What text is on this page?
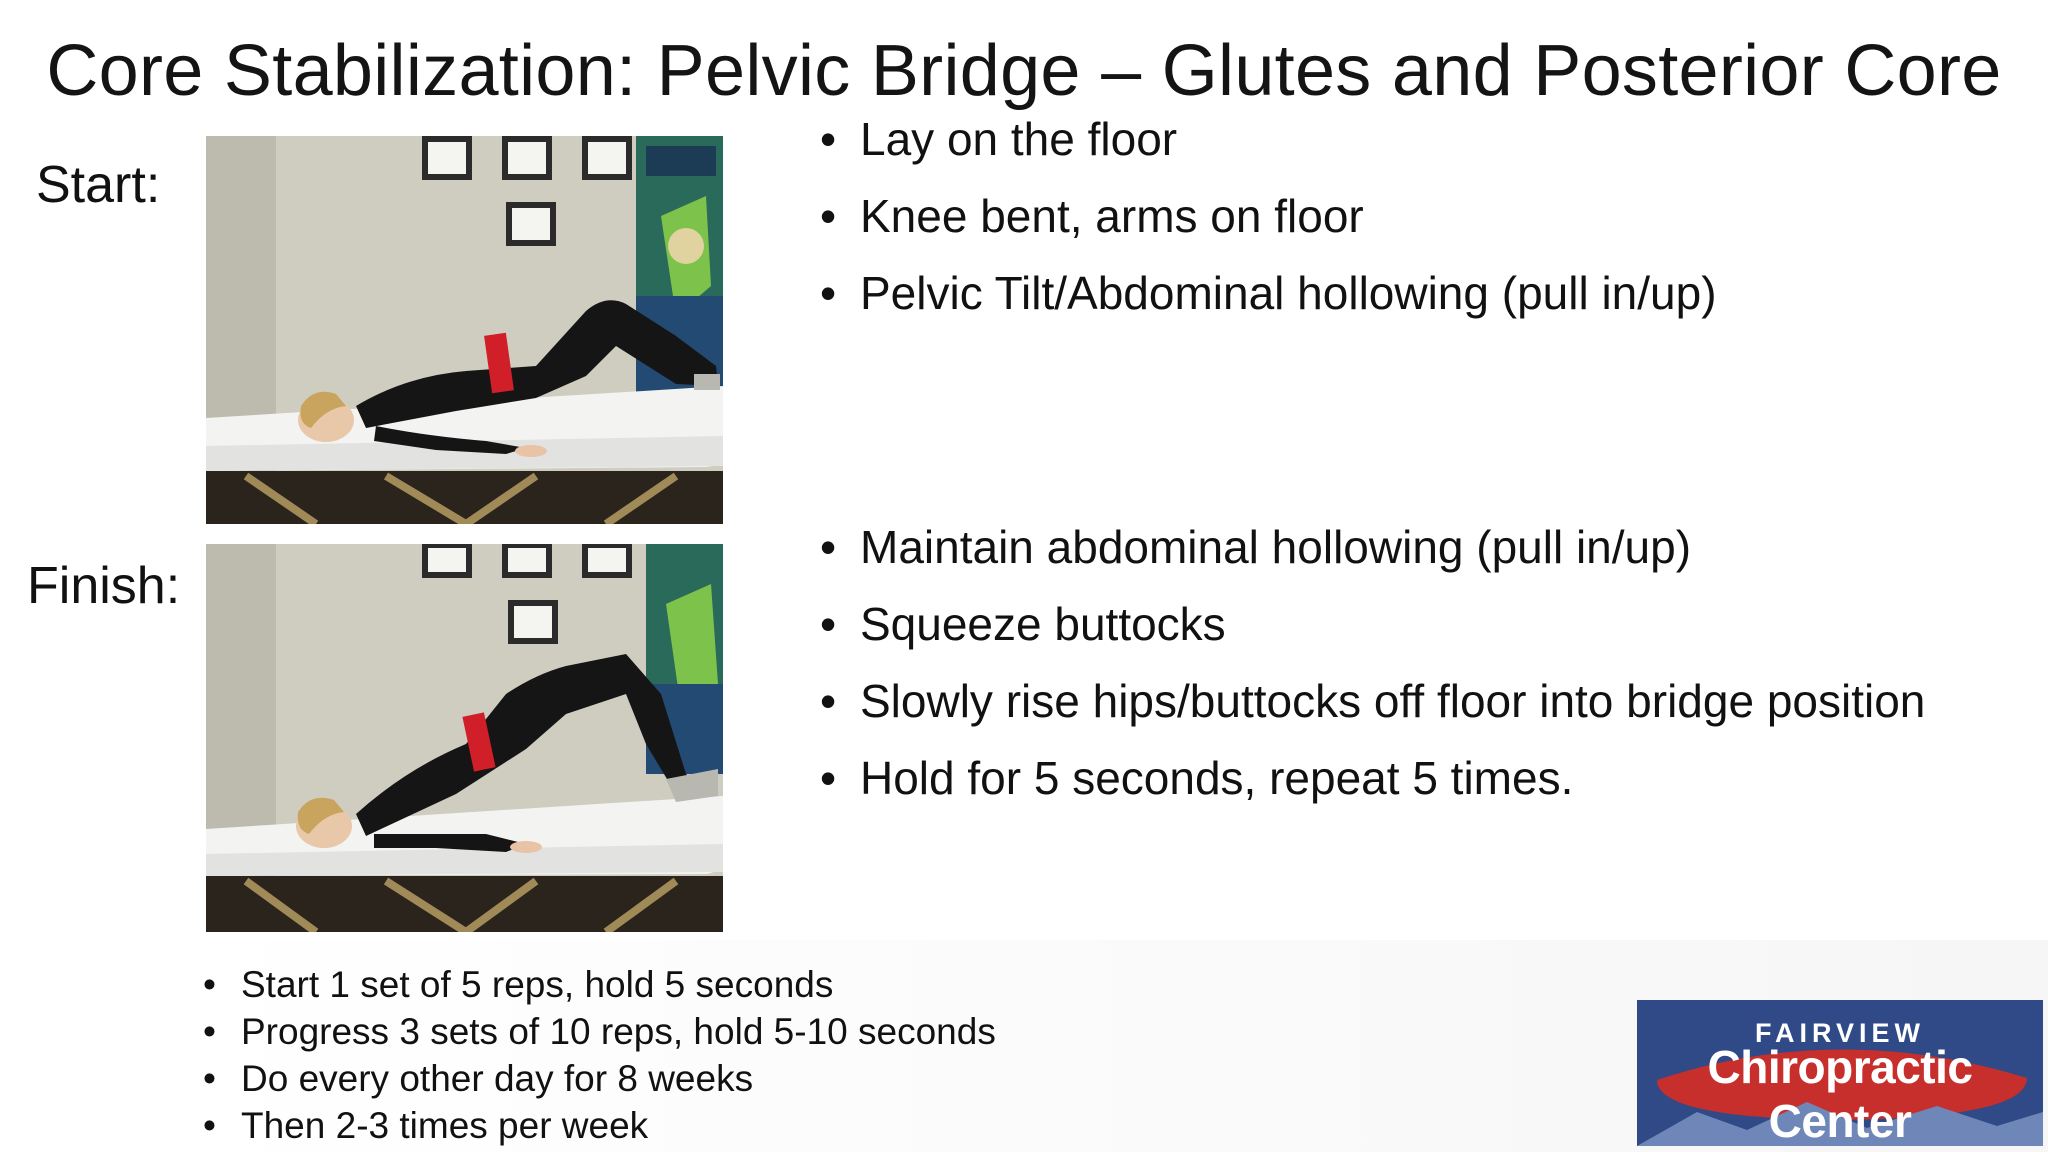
Core Stabilization: Pelvic Bridge – Glutes and Posterior Core
Start:
Finish:
• Lay on the floor
• Knee bent, arms on floor
• Pelvic Tilt/Abdominal hollowing (pull in/up)
• Maintain abdominal hollowing (pull in/up)
• Squeeze buttocks
• Slowly rise hips/buttocks off floor into bridge position
• Hold for 5 seconds, repeat 5 times.
• Start 1 set of 5 reps, hold 5 seconds
• Progress 3 sets of 10 reps, hold 5-10 seconds
• Do every other day for 8 weeks
• Then 2-3 times per week
FAIRVIEW
Chiropractic Center
